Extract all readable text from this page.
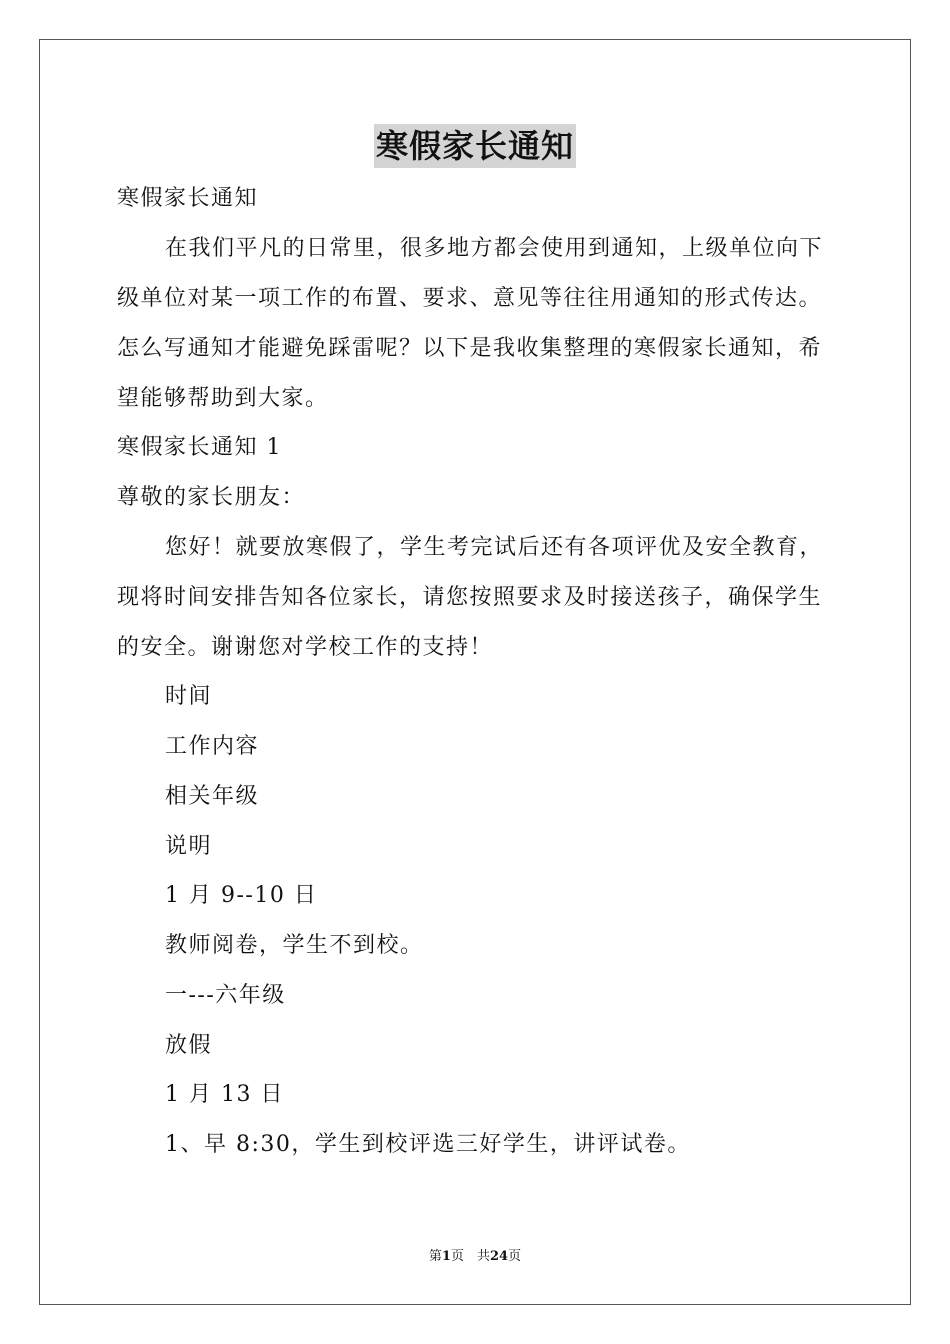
寒假家长通知
寒假家长通知
在我们平凡的日常里，很多地方都会使用到通知，上级单位向下
级单位对某一项工作的布置、要求、意见等往往用通知的形式传达。
怎么写通知才能避免踩雷呢？以下是我收集整理的寒假家长通知，希
望能够帮助到大家。
寒假家长通知 1
尊敬的家长朋友：
您好！就要放寒假了，学生考完试后还有各项评优及安全教育，
现将时间安排告知各位家长，请您按照要求及时接送孩子，确保学生
的安全。谢谢您对学校工作的支持！
时间
工作内容
相关年级
说明
1 月 9--10 日
教师阅卷，学生不到校。
一---六年级
放假
1 月 13 日
1、早 8:30，学生到校评选三好学生，讲评试卷。
第1页　共24页
